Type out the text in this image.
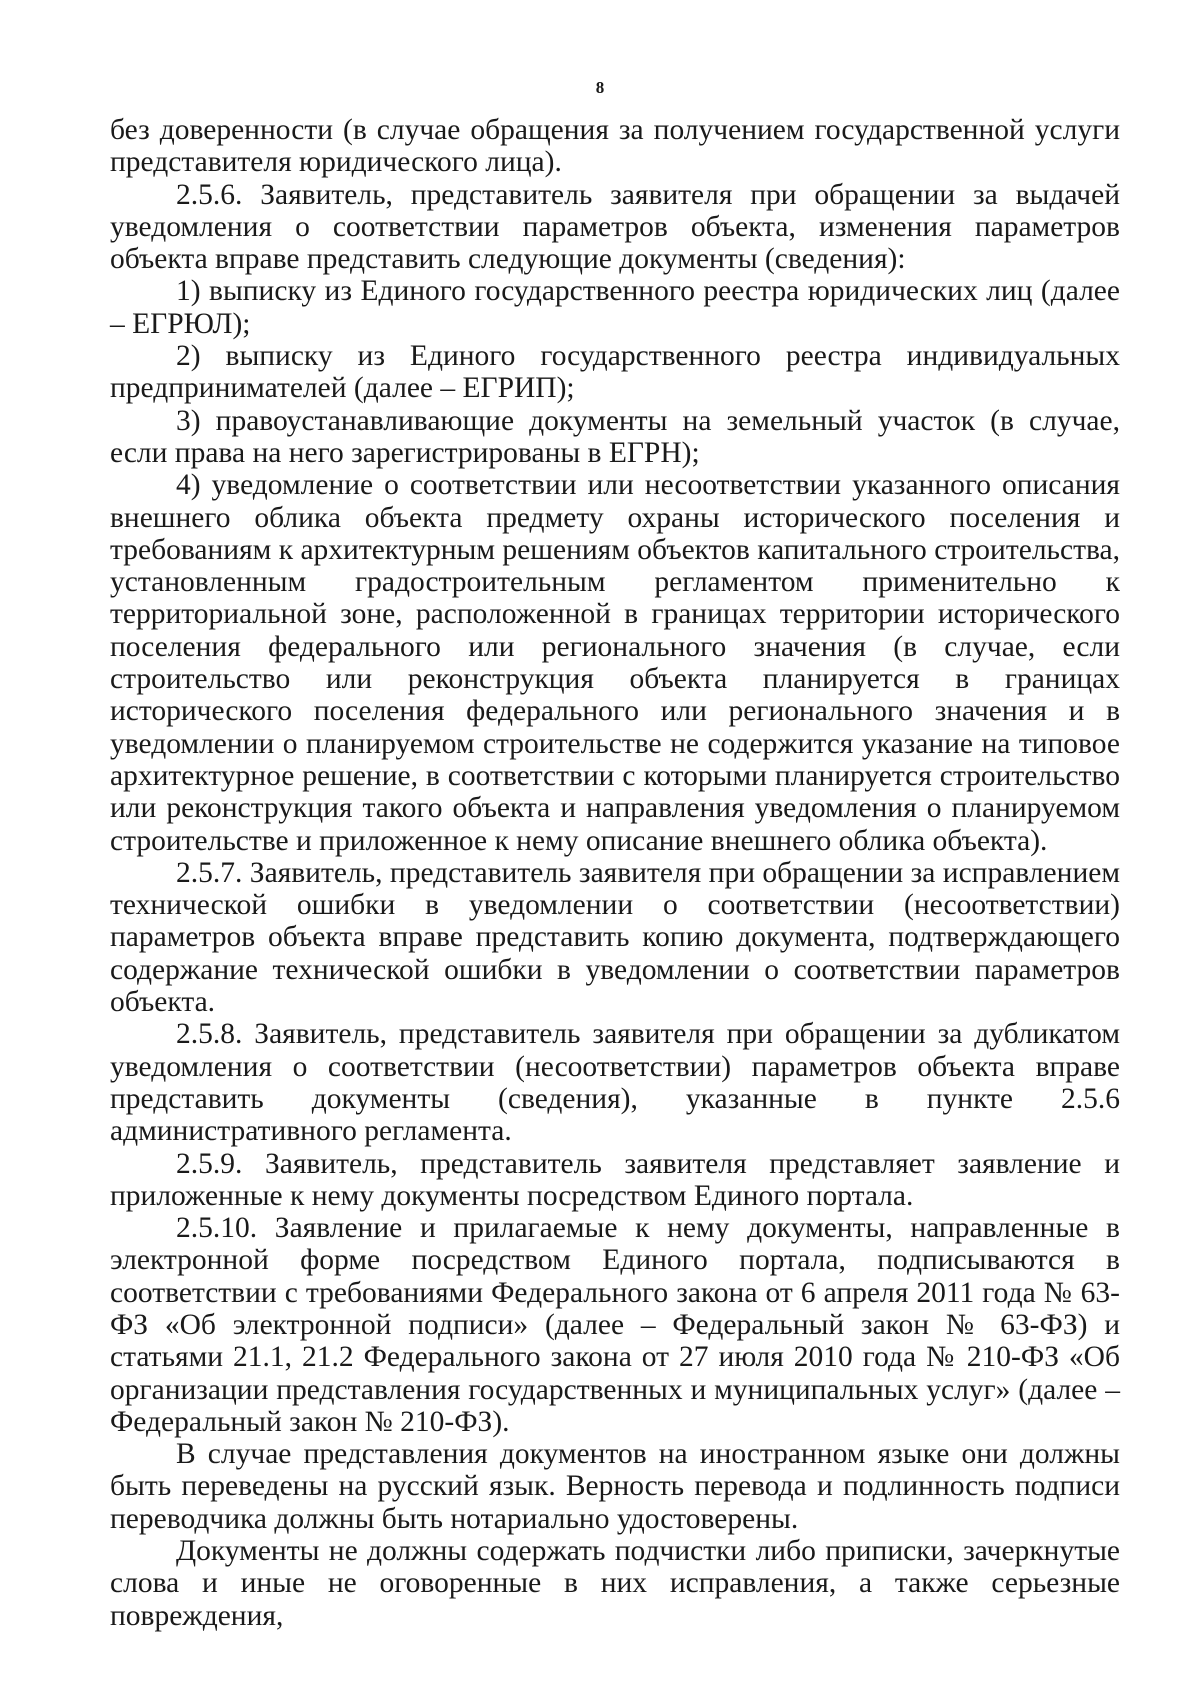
8

без доверенности (в случае обращения за получением государственной услуги представителя юридического лица).

2.5.6. Заявитель, представитель заявителя при обращении за выдачей уведомления о соответствии параметров объекта, изменения параметров объекта вправе представить следующие документы (сведения):

1) выписку из Единого государственного реестра юридических лиц (далее – ЕГРЮЛ);

2) выписку из Единого государственного реестра индивидуальных предпринимателей (далее – ЕГРИП);

3) правоустанавливающие документы на земельный участок (в случае, если права на него зарегистрированы в ЕГРН);

4) уведомление о соответствии или несоответствии указанного описания внешнего облика объекта предмету охраны исторического поселения и требованиям к архитектурным решениям объектов капитального строительства, установленным градостроительным регламентом применительно к территориальной зоне, расположенной в границах территории исторического поселения федерального или регионального значения (в случае, если строительство или реконструкция объекта планируется в границах исторического поселения федерального или регионального значения и в уведомлении о планируемом строительстве не содержится указание на типовое архитектурное решение, в соответствии с которыми планируется строительство или реконструкция такого объекта и направления уведомления о планируемом строительстве и приложенное к нему описание внешнего облика объекта).

2.5.7. Заявитель, представитель заявителя при обращении за исправлением технической ошибки в уведомлении о соответствии (несоответствии) параметров объекта вправе представить копию документа, подтверждающего содержание технической ошибки в уведомлении о соответствии параметров объекта.

2.5.8. Заявитель, представитель заявителя при обращении за дубликатом уведомления о соответствии (несоответствии) параметров объекта вправе представить документы (сведения), указанные в пункте 2.5.6 административного регламента.

2.5.9. Заявитель, представитель заявителя представляет заявление и приложенные к нему документы посредством Единого портала.

2.5.10. Заявление и прилагаемые к нему документы, направленные в электронной форме посредством Единого портала, подписываются в соответствии с требованиями Федерального закона от 6 апреля 2011 года № 63-ФЗ «Об электронной подписи» (далее – Федеральный закон № 63-ФЗ) и статьями 21.1, 21.2 Федерального закона от 27 июля 2010 года № 210-ФЗ «Об организации представления государственных и муниципальных услуг» (далее – Федеральный закон № 210-ФЗ).

В случае представления документов на иностранном языке они должны быть переведены на русский язык. Верность перевода и подлинность подписи переводчика должны быть нотариально удостоверены.

Документы не должны содержать подчистки либо приписки, зачеркнутые слова и иные не оговоренные в них исправления, а также серьезные повреждения,
